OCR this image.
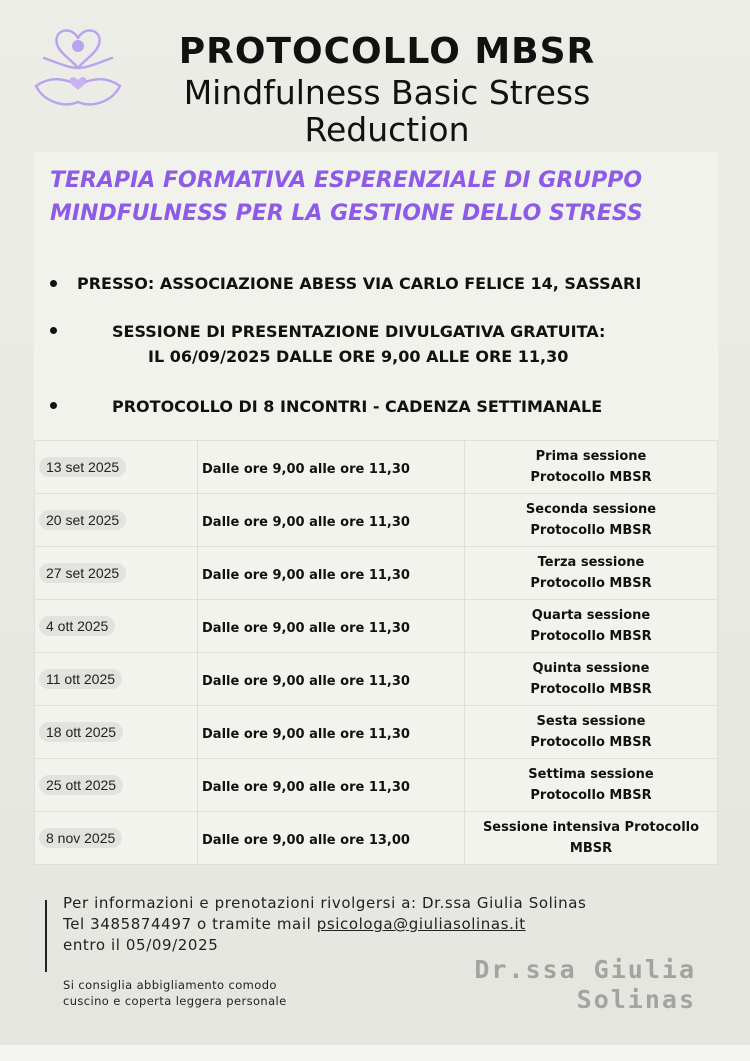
PROTOCOLLO MBSR
Mindfulness Basic Stress
Reduction
TERAPIA FORMATIVA ESPERENZIALE DI GRUPPO
MINDFULNESS PER LA GESTIONE DELLO STRESS
PRESSO: ASSOCIAZIONE ABESS VIA CARLO FELICE 14, SASSARI
SESSIONE DI PRESENTAZIONE DIVULGATIVA GRATUITA:
IL 06/09/2025 DALLE ORE 9,00 ALLE ORE 11,30
PROTOCOLLO DI 8 INCONTRI - CADENZA SETTIMANALE
13 set 2025	Dalle ore 9,00 alle ore 11,30	Prima sessione
Protocollo MBSR

20 set 2025	Dalle ore 9,00 alle ore 11,30	Seconda sessione
Protocollo MBSR

27 set 2025	Dalle ore 9,00 alle ore 11,30	Terza sessione
Protocollo MBSR

4 ott 2025	Dalle ore 9,00 alle ore 11,30	Quarta sessione
Protocollo MBSR

11 ott 2025	Dalle ore 9,00 alle ore 11,30	Quinta sessione
Protocollo MBSR

18 ott 2025	Dalle ore 9,00 alle ore 11,30	Sesta sessione
Protocollo MBSR

25 ott 2025	Dalle ore 9,00 alle ore 11,30	Settima sessione
Protocollo MBSR

8 nov 2025	Dalle ore 9,00 alle ore 13,00	Sessione intensiva Protocollo
MBSR
Per informazioni e prenotazioni rivolgersi a: Dr.ssa Giulia Solinas
Tel 3485874497 o tramite mail psicologa@giuliasolinas.it
entro il 05/09/2025
Si consiglia abbigliamento comodo
cuscino e coperta leggera personale
Dr.ssa Giulia
Solinas
